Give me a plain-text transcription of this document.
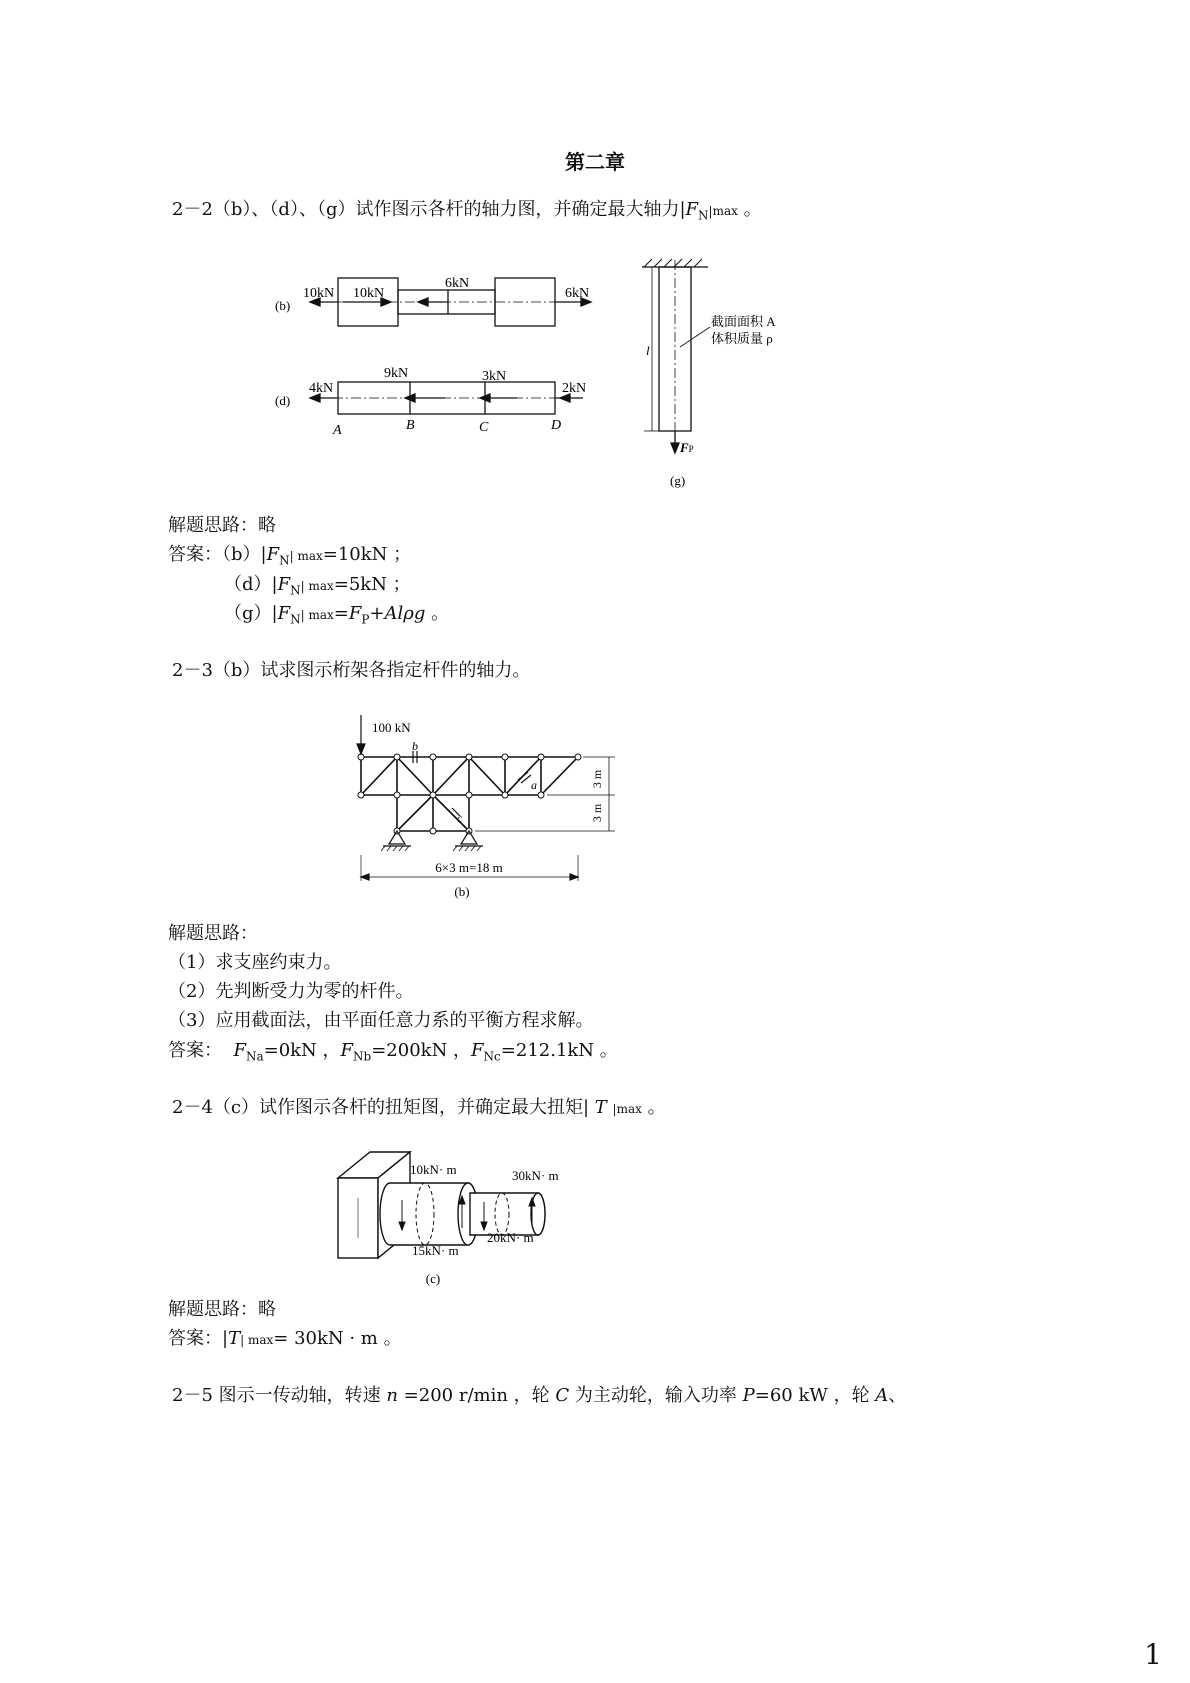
第二章
2－2（b）、（d）、（g）试作图示各杆的轴力图，并确定最大轴力$|F_N|\max$ 。
(b)
10kN 10kN
6kN
6kN
(d)
4kN
9kN	3kN
2kN
A	B	C	D
l
截面面积 A
体积质量 ρ
FP
(g)
解题思路：略
答案：$(b)|F_N|$ max=10kN ；
$(d)|F_N|$ max=5kN ；
$(g)|F_N|$ $\max=F_P+Al\rho g$ 。
2－3（b）试求图示桁架各指定杆件的轴力。
100 kN
b
a
c
3 m
3 m
6×3 m=18 m
(b)
解题思路：
（1）求支座约束力。
（2）先判断受力为零的杆件。
（3）应用截面法，由平面任意力系的平衡方程求解。
答案： $F_{Na}=0kN$ ，$F_{Nb}=200kN$ ，$F_{Nc}=212.1kN$ 。
2－4（c）试作图示各杆的扭矩图，并确定最大扭矩| T |max 。
10kN· m	30kN· m
20kN· m
15kN· m
(c)
解题思路：略
答案：|T| max= 30kN · m 。
2－5 图示一传动轴，转速 n =200 r/min ，轮 C 为主动轮，输入功率 P=60 kW ，轮 A、
1
